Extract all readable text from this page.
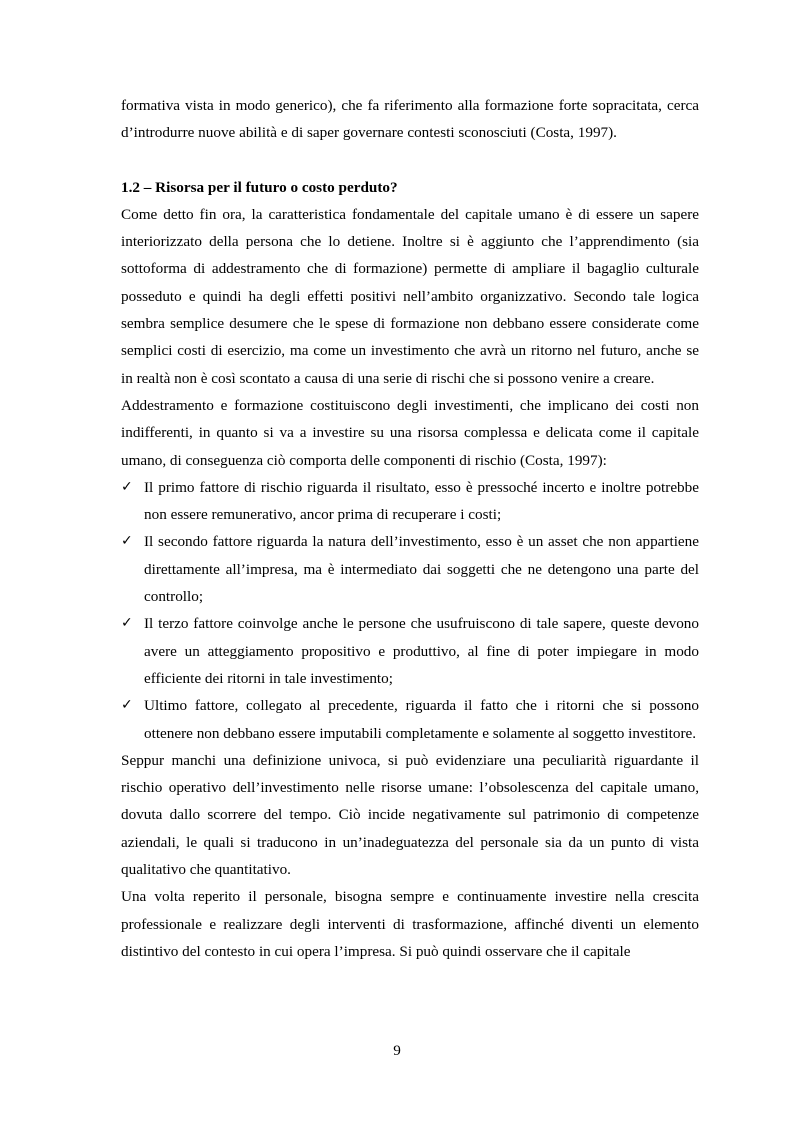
formativa vista in modo generico), che fa riferimento alla formazione forte sopracitata, cerca d’introdurre nuove abilità e di saper governare contesti sconosciuti (Costa, 1997).

1.2 – Risorsa per il futuro o costo perduto?

Come detto fin ora, la caratteristica fondamentale del capitale umano è di essere un sapere interiorizzato della persona che lo detiene. Inoltre si è aggiunto che l’apprendimento (sia sottoforma di addestramento che di formazione) permette di ampliare il bagaglio culturale posseduto e quindi ha degli effetti positivi nell’ambito organizzativo. Secondo tale logica sembra semplice desumere che le spese di formazione non debbano essere considerate come semplici costi di esercizio, ma come un investimento che avrà un ritorno nel futuro, anche se in realtà non è così scontato a causa di una serie di rischi che si possono venire a creare.

Addestramento e formazione costituiscono degli investimenti, che implicano dei costi non indifferenti, in quanto si va a investire su una risorsa complessa e delicata come il capitale umano, di conseguenza ciò comporta delle componenti di rischio (Costa, 1997):

✓ Il primo fattore di rischio riguarda il risultato, esso è pressoché incerto e inoltre potrebbe non essere remunerativo, ancor prima di recuperare i costi;
✓ Il secondo fattore riguarda la natura dell’investimento, esso è un asset che non appartiene direttamente all’impresa, ma è intermediato dai soggetti che ne detengono una parte del controllo;
✓ Il terzo fattore coinvolge anche le persone che usufruiscono di tale sapere, queste devono avere un atteggiamento propositivo e produttivo, al fine di poter impiegare in modo efficiente dei ritorni in tale investimento;
✓ Ultimo fattore, collegato al precedente, riguarda il fatto che i ritorni che si possono ottenere non debbano essere imputabili completamente e solamente al soggetto investitore.

Seppur manchi una definizione univoca, si può evidenziare una peculiarità riguardante il rischio operativo dell’investimento nelle risorse umane: l’obsolescenza del capitale umano, dovuta dallo scorrere del tempo. Ciò incide negativamente sul patrimonio di competenze aziendali, le quali si traducono in un’inadeguatezza del personale sia da un punto di vista qualitativo che quantitativo.

Una volta reperito il personale, bisogna sempre e continuamente investire nella crescita professionale e realizzare degli interventi di trasformazione, affinché diventi un elemento distintivo del contesto in cui opera l’impresa. Si può quindi osservare che il capitale

9
